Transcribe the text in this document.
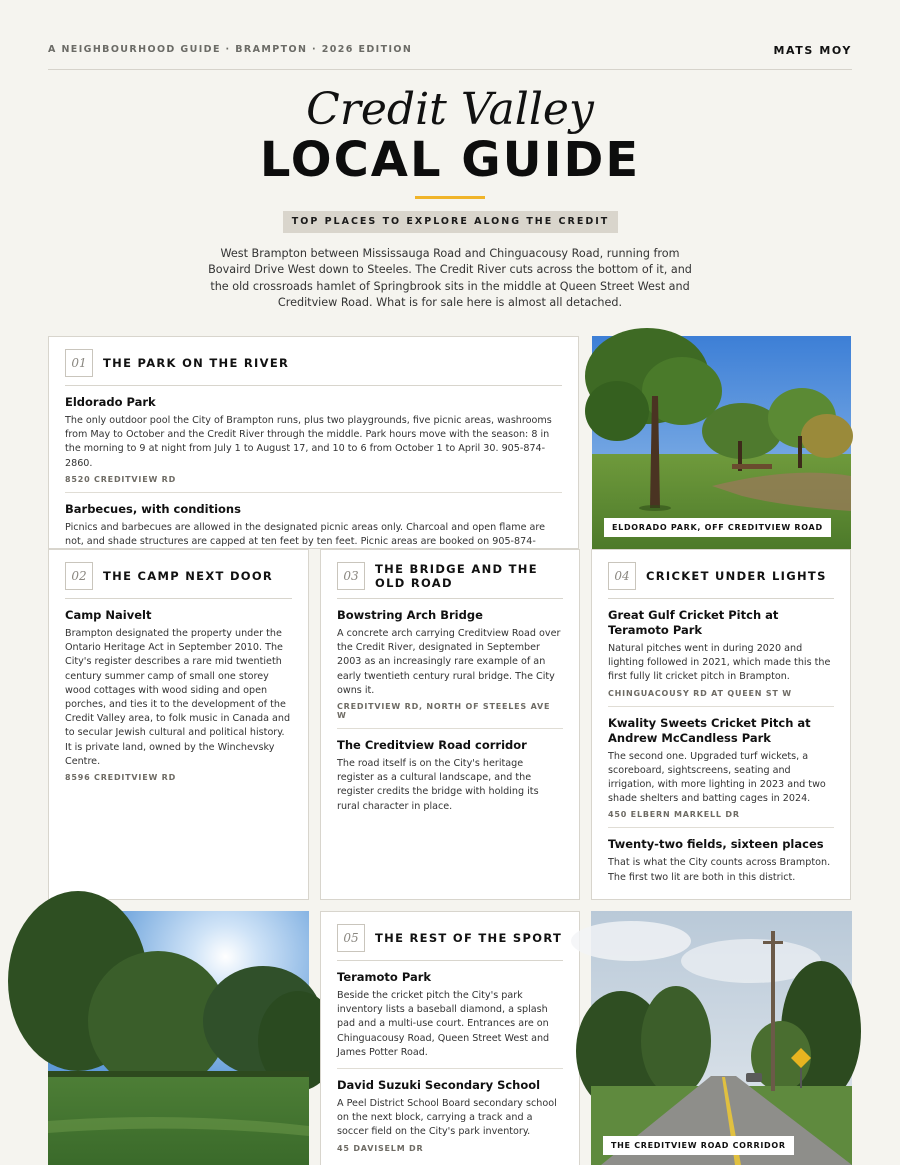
A NEIGHBOURHOOD GUIDE · BRAMPTON · 2026 EDITION	MATS MOY
Credit Valley
LOCAL GUIDE
TOP PLACES TO EXPLORE ALONG THE CREDIT
West Brampton between Mississauga Road and Chinguacousy Road, running from Bovaird Drive West down to Steeles. The Credit River cuts across the bottom of it, and the old crossroads hamlet of Springbrook sits in the middle at Queen Street West and Creditview Road. What is for sale here is almost all detached.
01	THE PARK ON THE RIVER
Eldorado Park
The only outdoor pool the City of Brampton runs, plus two playgrounds, five picnic areas, washrooms from May to October and the Credit River through the middle. Park hours move with the season: 8 in the morning to 9 at night from July 1 to August 17, and 10 to 6 from October 1 to April 30. 905-874-2860.
8520 CREDITVIEW RD
Barbecues, with conditions
Picnics and barbecues are allowed in the designated picnic areas only. Charcoal and open flame are not, and shade structures are capped at ten feet by ten feet. Picnic areas are booked on 905-874-
ELDORADO PARK, OFF CREDITVIEW ROAD
02	THE CAMP NEXT DOOR
Camp Naivelt
Brampton designated the property under the Ontario Heritage Act in September 2010. The City's register describes a rare mid twentieth century summer camp of small one storey wood cottages with wood siding and open porches, and ties it to the development of the Credit Valley area, to folk music in Canada and to secular Jewish cultural and political history. It is private land, owned by the Winchevsky Centre.
8596 CREDITVIEW RD
03	THE BRIDGE AND THE OLD ROAD
Bowstring Arch Bridge
A concrete arch carrying Creditview Road over the Credit River, designated in September 2003 as an increasingly rare example of an early twentieth century rural bridge. The City owns it.
CREDITVIEW RD, NORTH OF STEELES AVE W
The Creditview Road corridor
The road itself is on the City's heritage register as a cultural landscape, and the register credits the bridge with holding its rural character in place.
04	CRICKET UNDER LIGHTS
Great Gulf Cricket Pitch at Teramoto Park
Natural pitches went in during 2020 and lighting followed in 2021, which made this the first fully lit cricket pitch in Brampton.
CHINGUACOUSY RD AT QUEEN ST W
Kwality Sweets Cricket Pitch at Andrew McCandless Park
The second one. Upgraded turf wickets, a scoreboard, sightscreens, seating and irrigation, with more lighting in 2023 and two shade shelters and batting cages in 2024.
450 ELBERN MARKELL DR
Twenty-two fields, sixteen places
That is what the City counts across Brampton. The first two lit are both in this district.
05	THE REST OF THE SPORT
Teramoto Park
Beside the cricket pitch the City's park inventory lists a baseball diamond, a splash pad and a multi-use court. Entrances are on Chinguacousy Road, Queen Street West and James Potter Road.
David Suzuki Secondary School
A Peel District School Board secondary school on the next block, carrying a track and a soccer field on the City's park inventory.
45 DAVISELM DR	THE CREDITVIEW ROAD CORRIDOR
